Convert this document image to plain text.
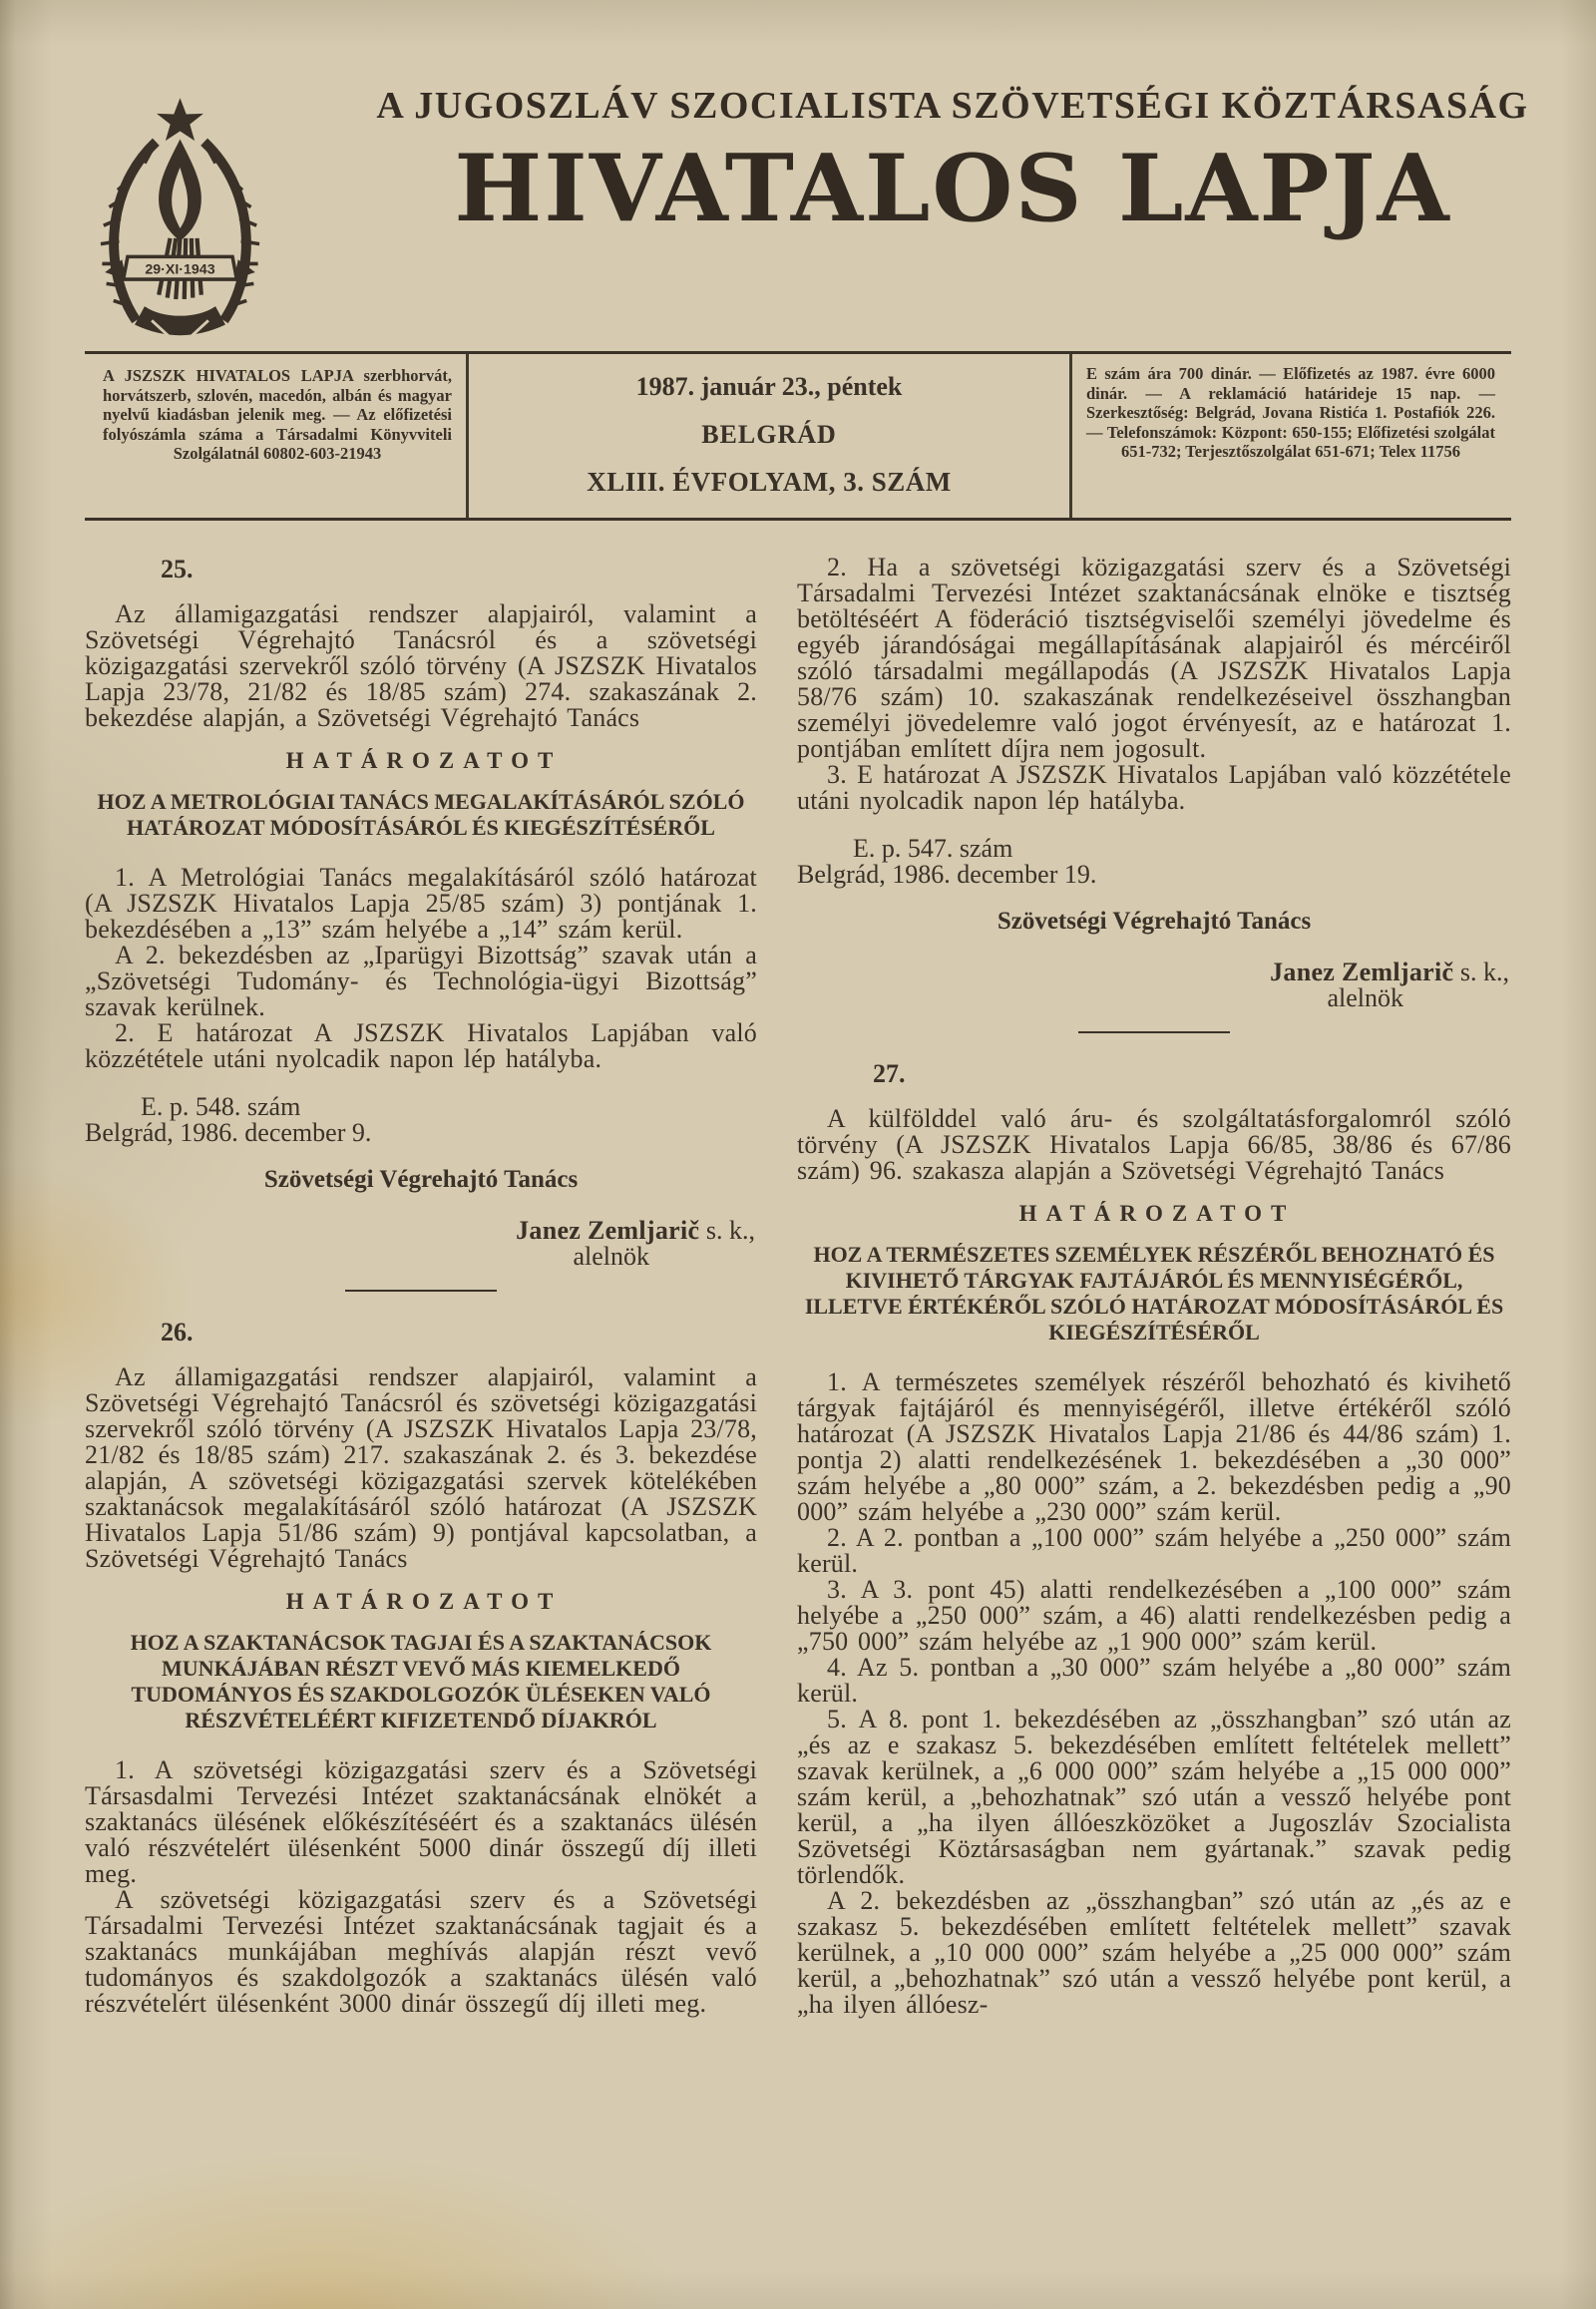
29·XI·1943
A JUGOSZLÁV SZOCIALISTA SZÖVETSÉGI KÖZTÁRSASÁG
HIVATALOS LAPJA
A JSZSZK HIVATALOS LAPJA szerbhorvát, horvátszerb, szlovén, macedón, albán és magyar nyelvű kiadásban jelenik meg. — Az előfizetési folyószámla száma a Társadalmi Könyvviteli Szolgálatnál 60802-603-21943
1987. január 23., péntek
BELGRÁD
XLIII. ÉVFOLYAM, 3. SZÁM
E szám ára 700 dinár. — Előfizetés az 1987. évre 6000 dinár. — A reklamáció határideje 15 nap. — Szerkesztőség: Belgrád, Jovana Ristića 1. Postafiók 226. — Telefonszámok: Központ: 650-155; Előfizetési szolgálat 651-732; Terjesztőszolgálat 651-671; Telex 11756
25.

Az államigazgatási rendszer alapjairól, valamint a Szövetségi Végrehajtó Tanácsról és a szövetségi közigazgatási szervekről szóló törvény (A JSZSZK Hivatalos Lapja 23/78, 21/82 és 18/85 szám) 274. szakaszának 2. bekezdése alapján, a Szövetségi Végrehajtó Tanács

HATÁROZATOT
HOZ A METROLÓGIAI TANÁCS MEGALAKÍTÁSÁRÓL SZÓLÓ HATÁROZAT MÓDOSÍTÁSÁRÓL ÉS KIEGÉSZÍTÉSÉRŐL

1. A Metrológiai Tanács megalakításáról szóló határozat (A JSZSZK Hivatalos Lapja 25/85 szám) 3) pontjának 1. bekezdésében a „13” szám helyébe a „14” szám kerül.

A 2. bekezdésben az „Iparügyi Bizottság” szavak után a „Szövetségi Tudomány- és Technológia-ügyi Bizottság” szavak kerülnek.

2. E határozat A JSZSZK Hivatalos Lapjában való közzététele utáni nyolcadik napon lép hatályba.

E. p. 548. szám
Belgrád, 1986. december 9.
Szövetségi Végrehajtó Tanács
Janez Zemljarič s. k.,
alelnök
26.

Az államigazgatási rendszer alapjairól, valamint a Szövetségi Végrehajtó Tanácsról és szövetségi közigazgatási szervekről szóló törvény (A JSZSZK Hivatalos Lapja 23/78, 21/82 és 18/85 szám) 217. szakaszának 2. és 3. bekezdése alapján, A szövetségi közigazgatási szervek kötelékében szaktanácsok megalakításáról szóló határozat (A JSZSZK Hivatalos Lapja 51/86 szám) 9) pontjával kapcsolatban, a Szövetségi Végrehajtó Tanács

HATÁROZATOT
HOZ A SZAKTANÁCSOK TAGJAI ÉS A SZAKTANÁCSOK MUNKÁJÁBAN RÉSZT VEVŐ MÁS KIEMELKEDŐ TUDOMÁNYOS ÉS SZAKDOLGOZÓK ÜLÉSEKEN VALÓ RÉSZVÉTELÉÉRT KIFIZETENDŐ DÍJAKRÓL

1. A szövetségi közigazgatási szerv és a Szövetségi Társasdalmi Tervezési Intézet szaktanácsának elnökét a szaktanács ülésének előkészítéséért és a szaktanács ülésén való részvételért ülésenként 5000 dinár összegű díj illeti meg.

A szövetségi közigazgatási szerv és a Szövetségi Társadalmi Tervezési Intézet szaktanácsának tagjait és a szaktanács munkájában meghívás alapján részt vevő tudományos és szakdolgozók a szaktanács ülésén való részvételért ülésenként 3000 dinár összegű díj illeti meg.

2. Ha a szövetségi közigazgatási szerv és a Szövetségi Társadalmi Tervezési Intézet szaktanácsának elnöke e tisztség betöltéséért A föderáció tisztségviselői személyi jövedelme és egyéb járandóságai megállapításának alapjairól és mércéiről szóló társadalmi megállapodás (A JSZSZK Hivatalos Lapja 58/76 szám) 10. szakaszának rendelkezéseivel összhangban személyi jövedelemre való jogot érvényesít, az e határozat 1. pontjában említett díjra nem jogosult.

3. E határozat A JSZSZK Hivatalos Lapjában való közzététele utáni nyolcadik napon lép hatályba.

E. p. 547. szám
Belgrád, 1986. december 19.
Szövetségi Végrehajtó Tanács
Janez Zemljarič s. k.,
alelnök
27.

A külfölddel való áru- és szolgáltatásforgalomról szóló törvény (A JSZSZK Hivatalos Lapja 66/85, 38/86 és 67/86 szám) 96. szakasza alapján a Szövetségi Végrehajtó Tanács

HATÁROZATOT
HOZ A TERMÉSZETES SZEMÉLYEK RÉSZÉRŐL BEHOZHATÓ ÉS KIVIHETŐ TÁRGYAK FAJTÁJÁRÓL ÉS MENNYISÉGÉRŐL, ILLETVE ÉRTÉKÉRŐL SZÓLÓ HATÁROZAT MÓDOSÍTÁSÁRÓL ÉS KIEGÉSZÍTÉSÉRŐL

1. A természetes személyek részéről behozható és kivihető tárgyak fajtájáról és mennyiségéről, illetve értékéről szóló határozat (A JSZSZK Hivatalos Lapja 21/86 és 44/86 szám) 1. pontja 2) alatti rendelkezésének 1. bekezdésében a „30 000” szám helyébe a „80 000” szám, a 2. bekezdésben pedig a „90 000” szám helyébe a „230 000” szám kerül.

2. A 2. pontban a „100 000” szám helyébe a „250 000” szám kerül.

3. A 3. pont 45) alatti rendelkezésében a „100 000” szám helyébe a „250 000” szám, a 46) alatti rendelkezésben pedig a „750 000” szám helyébe az „1 900 000” szám kerül.

4. Az 5. pontban a „30 000” szám helyébe a „80 000” szám kerül.

5. A 8. pont 1. bekezdésében az „összhangban” szó után az „és az e szakasz 5. bekezdésében említett feltételek mellett” szavak kerülnek, a „6 000 000” szám helyébe a „15 000 000” szám kerül, a „behozhatnak” szó után a vessző helyébe pont kerül, a „ha ilyen állóeszközöket a Jugoszláv Szocialista Szövetségi Köztársaságban nem gyártanak.” szavak pedig törlendők.

A 2. bekezdésben az „összhangban” szó után az „és az e szakasz 5. bekezdésében említett feltételek mellett” szavak kerülnek, a „10 000 000” szám helyébe a „25 000 000” szám kerül, a „behozhatnak” szó után a vessző helyébe pont kerül, a „ha ilyen állóesz-
